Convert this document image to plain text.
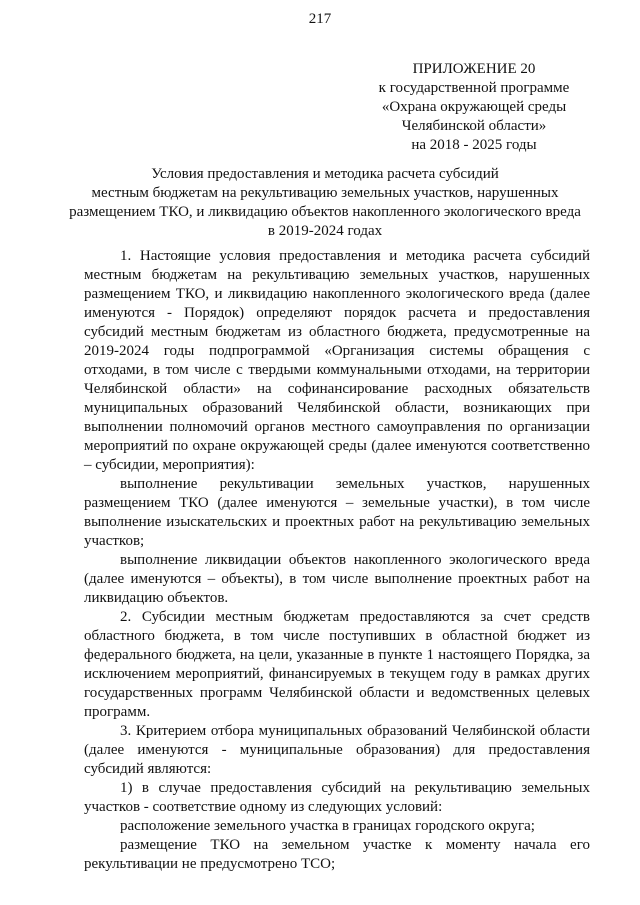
217
ПРИЛОЖЕНИЕ 20
к государственной программе
«Охрана окружающей среды
Челябинской области»
на 2018 - 2025 годы
Условия предоставления и методика расчета субсидий
местным бюджетам на рекультивацию земельных участков, нарушенных
размещением ТКО, и ликвидацию объектов накопленного экологического вреда
в 2019-2024 годах

1. Настоящие условия предоставления и методика расчета субсидий местным бюджетам на рекультивацию земельных участков, нарушенных размещением ТКО, и ликвидацию накопленного экологического вреда (далее именуются - Порядок) определяют порядок расчета и предоставления субсидий местным бюджетам из областного бюджета, предусмотренные на 2019-2024 годы подпрограммой «Организация системы обращения с отходами, в том числе с твердыми коммунальными отходами, на территории Челябинской области» на софинансирование расходных обязательств муниципальных образований Челябинской области, возникающих при выполнении полномочий органов местного самоуправления по организации мероприятий по охране окружающей среды (далее именуются соответственно – субсидии, мероприятия):

выполнение рекультивации земельных участков, нарушенных размещением ТКО (далее именуются – земельные участки), в том числе выполнение изыскательских и проектных работ на рекультивацию земельных участков;

выполнение ликвидации объектов накопленного экологического вреда (далее именуются – объекты), в том числе выполнение проектных работ на ликвидацию объектов.

2. Субсидии местным бюджетам предоставляются за счет средств областного бюджета, в том числе поступивших в областной бюджет из федерального бюджета, на цели, указанные в пункте 1 настоящего Порядка, за исключением мероприятий, финансируемых в текущем году в рамках других государственных программ Челябинской области и ведомственных целевых программ.

3. Критерием отбора муниципальных образований Челябинской области (далее именуются - муниципальные образования) для предоставления субсидий являются:

1) в случае предоставления субсидий на рекультивацию земельных участков - соответствие одному из следующих условий:

расположение земельного участка в границах городского округа;

размещение ТКО на земельном участке к моменту начала его рекультивации не предусмотрено ТСО;
